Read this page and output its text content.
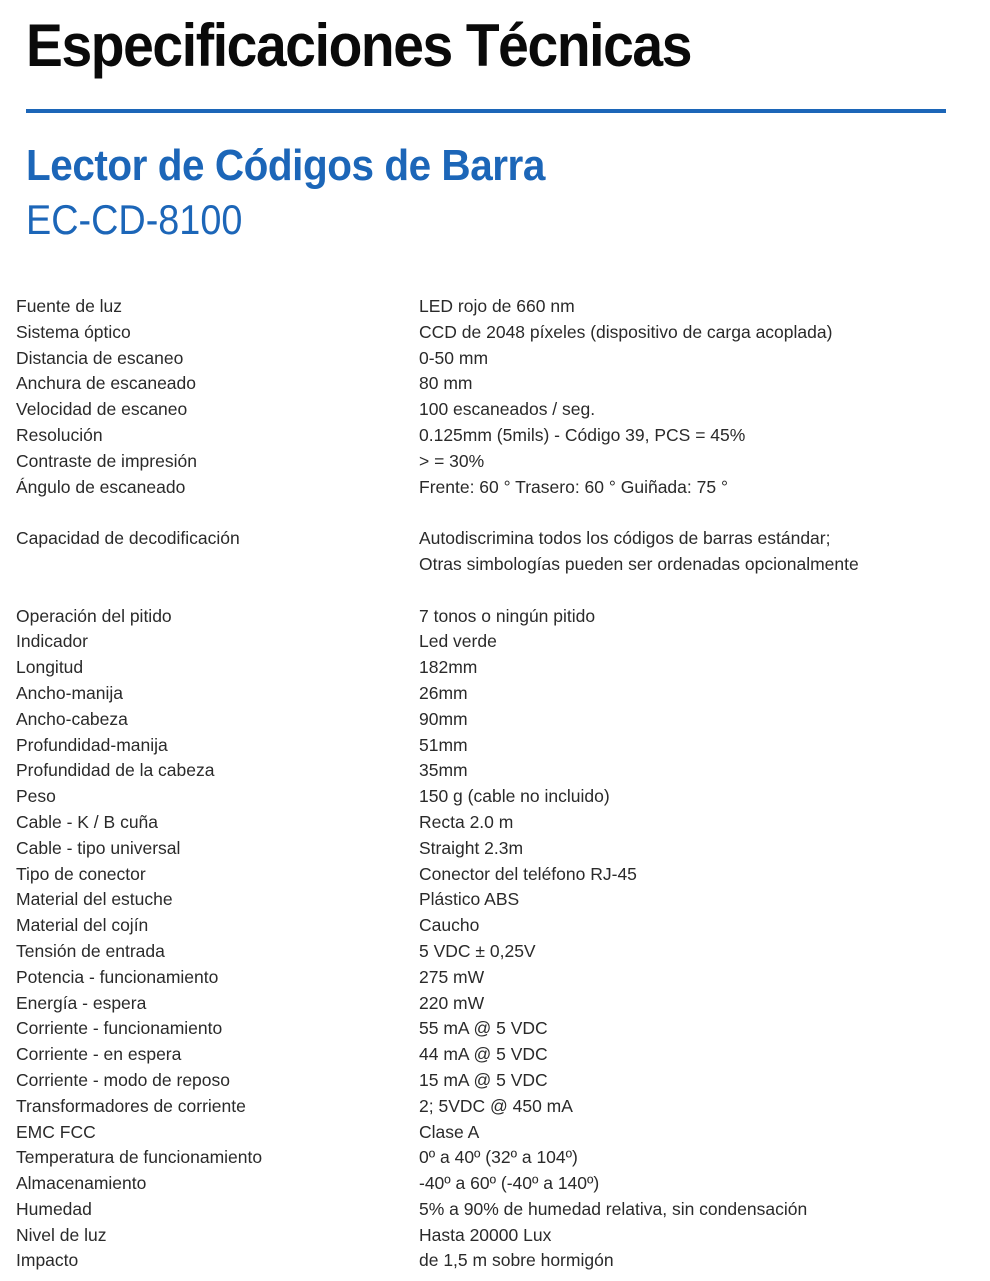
Especificaciones Técnicas
Lector de Códigos de Barra
EC-CD-8100
Fuente de luz	LED rojo de 660 nm
Sistema óptico	CCD de 2048 píxeles (dispositivo de carga acoplada)
Distancia de escaneo	0-50 mm
Anchura de escaneado	80 mm
Velocidad de escaneo	100 escaneados / seg.
Resolución	0.125mm (5mils) - Código 39, PCS = 45%
Contraste de impresión	> = 30%
Ángulo de escaneado	Frente: 60 ° Trasero: 60 ° Guiñada: 75 °
Capacidad de decodificación	Autodiscrimina todos los códigos de barras estándar;
Otras simbologías pueden ser ordenadas opcionalmente
Operación del pitido	7 tonos o ningún pitido
Indicador	Led verde
Longitud	182mm
Ancho-manija	26mm
Ancho-cabeza	90mm
Profundidad-manija	51mm
Profundidad de la cabeza	35mm
Peso	150 g (cable no incluido)
Cable - K / B cuña	Recta 2.0 m
Cable - tipo universal	Straight 2.3m
Tipo de conector	Conector del teléfono RJ-45
Material del estuche	Plástico ABS
Material del cojín	Caucho
Tensión de entrada	5 VDC ± 0,25V
Potencia - funcionamiento	275 mW
Energía - espera	220 mW
Corriente - funcionamiento	55 mA @ 5 VDC
Corriente - en espera	44 mA @ 5 VDC
Corriente - modo de reposo	15 mA @ 5 VDC
Transformadores de corriente	2; 5VDC @ 450 mA
EMC FCC	Clase A
Temperatura de funcionamiento	0º a 40º (32º a 104º)
Almacenamiento	-40º a 60º (-40º a 140º)
Humedad	5% a 90% de humedad relativa, sin condensación
Nivel de luz	Hasta 20000 Lux
Impacto	de 1,5 m sobre hormigón
